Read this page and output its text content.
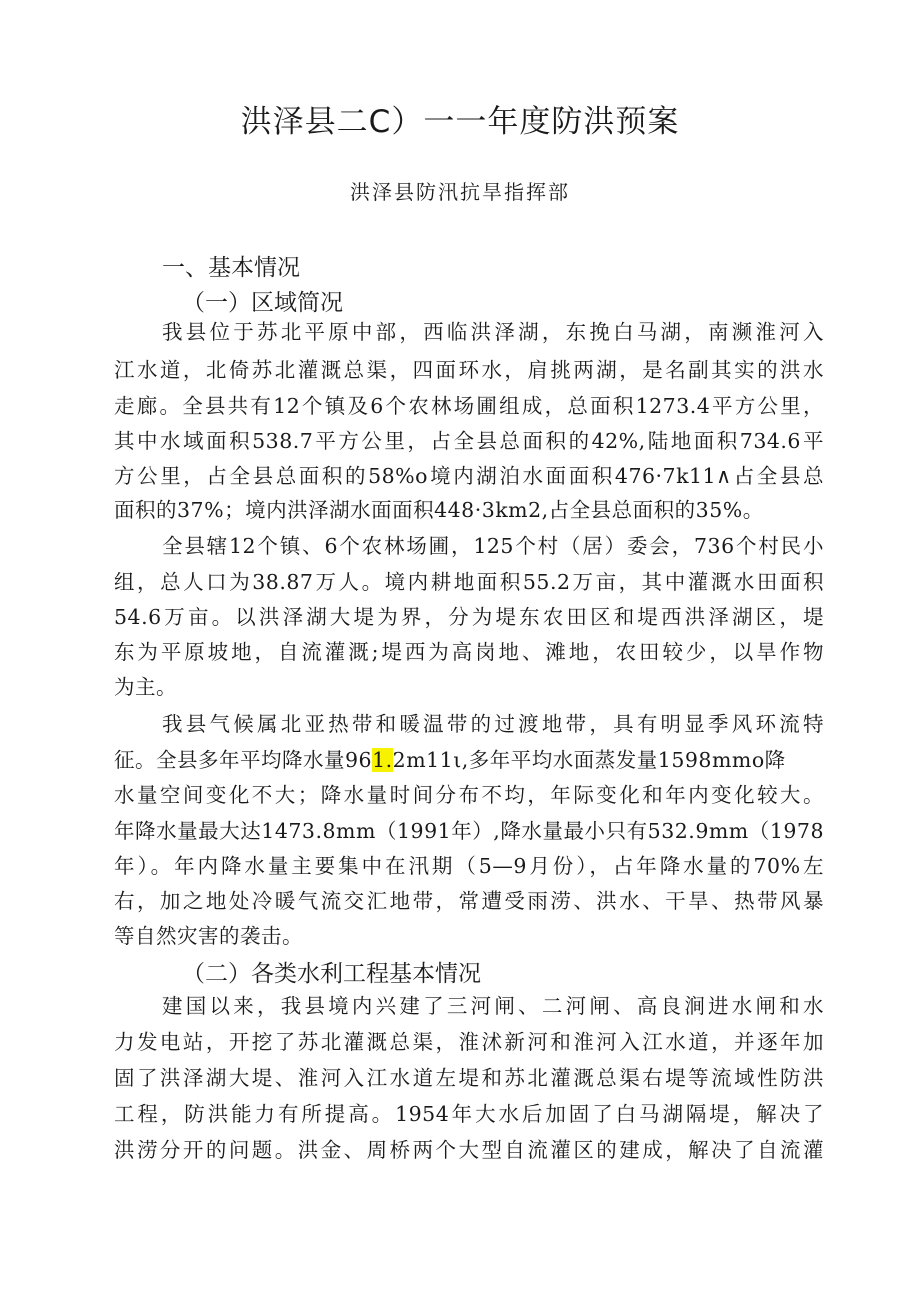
洪泽县二C）一一年度防洪预案
洪泽县防汛抗旱指挥部
一、基本情况
（一）区域简况
我县位于苏北平原中部，西临洪泽湖，东挽白马湖，南濒淮河入
江水道，北倚苏北灌溉总渠，四面环水，肩挑两湖，是名副其实的洪水
走廊。全县共有12个镇及6个农林场圃组成，总面积1273.4平方公里，
其中水域面积538.7平方公里，占全县总面积的42%,陆地面积734.6平
方公里，占全县总面积的58%o境内湖泊水面面积476·7k11∧占全县总
面积的37%；境内洪泽湖水面面积448·3km2,占全县总面积的35%。
全县辖12个镇、6个农林场圃，125个村（居）委会，736个村民小
组，总人口为38.87万人。境内耕地面积55.2万亩，其中灌溉水田面积
54.6万亩。以洪泽湖大堤为界，分为堤东农田区和堤西洪泽湖区，堤
东为平原坡地，自流灌溉;堤西为高岗地、滩地，农田较少，以旱作物
为主。
我县气候属北亚热带和暖温带的过渡地带，具有明显季风环流特
征。全县多年平均降水量961.2m11ι,多年平均水面蒸发量1598mmo降
水量空间变化不大；降水量时间分布不均，年际变化和年内变化较大。
年降水量最大达1473.8mm（1991年）,降水量最小只有532.9mm（1978
年）。年内降水量主要集中在汛期（5—9月份），占年降水量的70%左
右，加之地处冷暖气流交汇地带，常遭受雨涝、洪水、干旱、热带风暴
等自然灾害的袭击。
（二）各类水利工程基本情况
建国以来，我县境内兴建了三河闸、二河闸、高良涧进水闸和水
力发电站，开挖了苏北灌溉总渠，淮沭新河和淮河入江水道，并逐年加
固了洪泽湖大堤、淮河入江水道左堤和苏北灌溉总渠右堤等流域性防洪
工程，防洪能力有所提高。1954年大水后加固了白马湖隔堤，解决了
洪涝分开的问题。洪金、周桥两个大型自流灌区的建成，解决了自流灌
